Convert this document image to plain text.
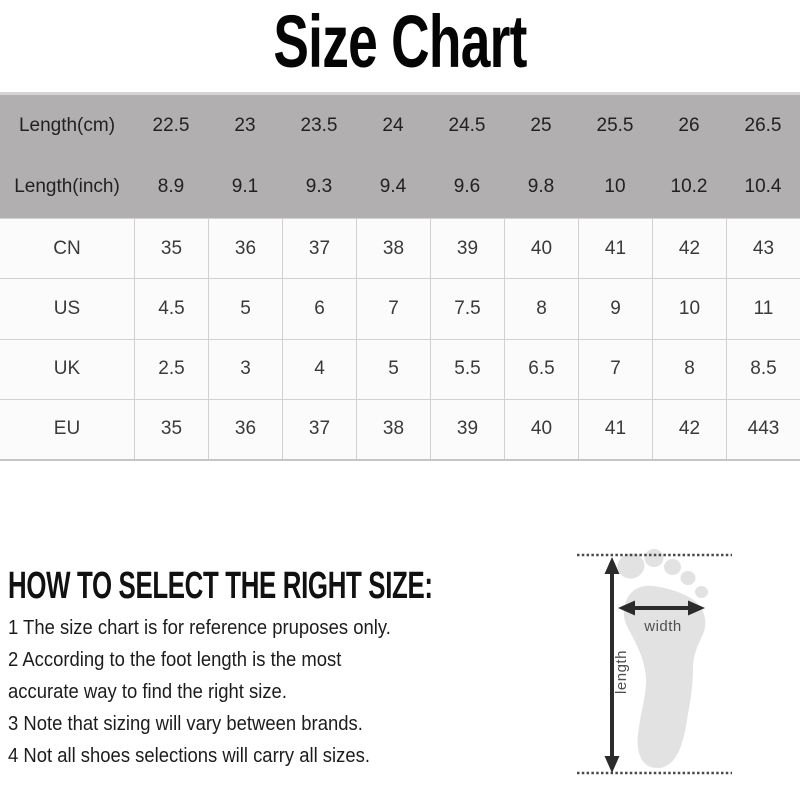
Size Chart
Length(cm)	22.5	23	23.5	24	24.5	25	25.5	26	26.5
Length(inch)	8.9	9.1	9.3	9.4	9.6	9.8	10	10.2	10.4
CN	35	36	37	38	39	40	41	42	43
US	4.5	5	6	7	7.5	8	9	10	11
UK	2.5	3	4	5	5.5	6.5	7	8	8.5
EU	35	36	37	38	39	40	41	42	443
HOW TO SELECT THE RIGHT SIZE:
1 The size chart is for reference pruposes only.
2 According to the foot length is the most
accurate way to find the right size.
3 Note that sizing will vary between brands.
4 Not all shoes selections will carry all sizes.
width
length
